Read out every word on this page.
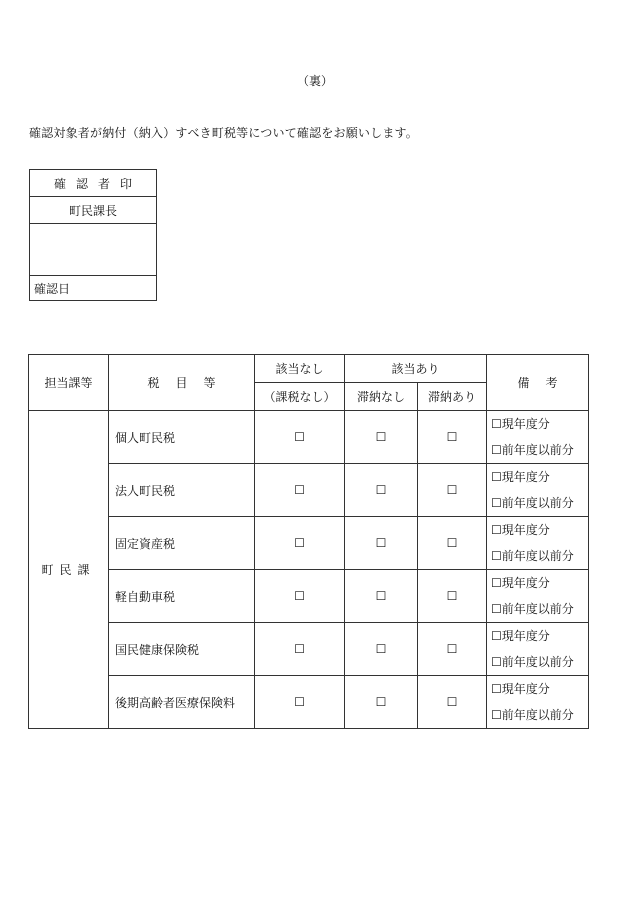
（裏）
確認対象者が納付（納入）すべき町税等について確認をお願いします。
確認者印
町民課長

確認日
担当課等	税目等	該当なし	該当あり		備考
		（課税なし）	滞納なし	滞納あり	
町民課	個人町民税	☐	☐	☐	☐現年度分
☐前年度以前分

	法人町民税	☐	☐	☐	☐現年度分
☐前年度以前分

	固定資産税	☐	☐	☐	☐現年度分
☐前年度以前分

	軽自動車税	☐	☐	☐	☐現年度分
☐前年度以前分

	国民健康保険税	☐	☐	☐	☐現年度分
☐前年度以前分

	後期高齢者医療保険料	☐	☐	☐	☐現年度分
☐前年度以前分
